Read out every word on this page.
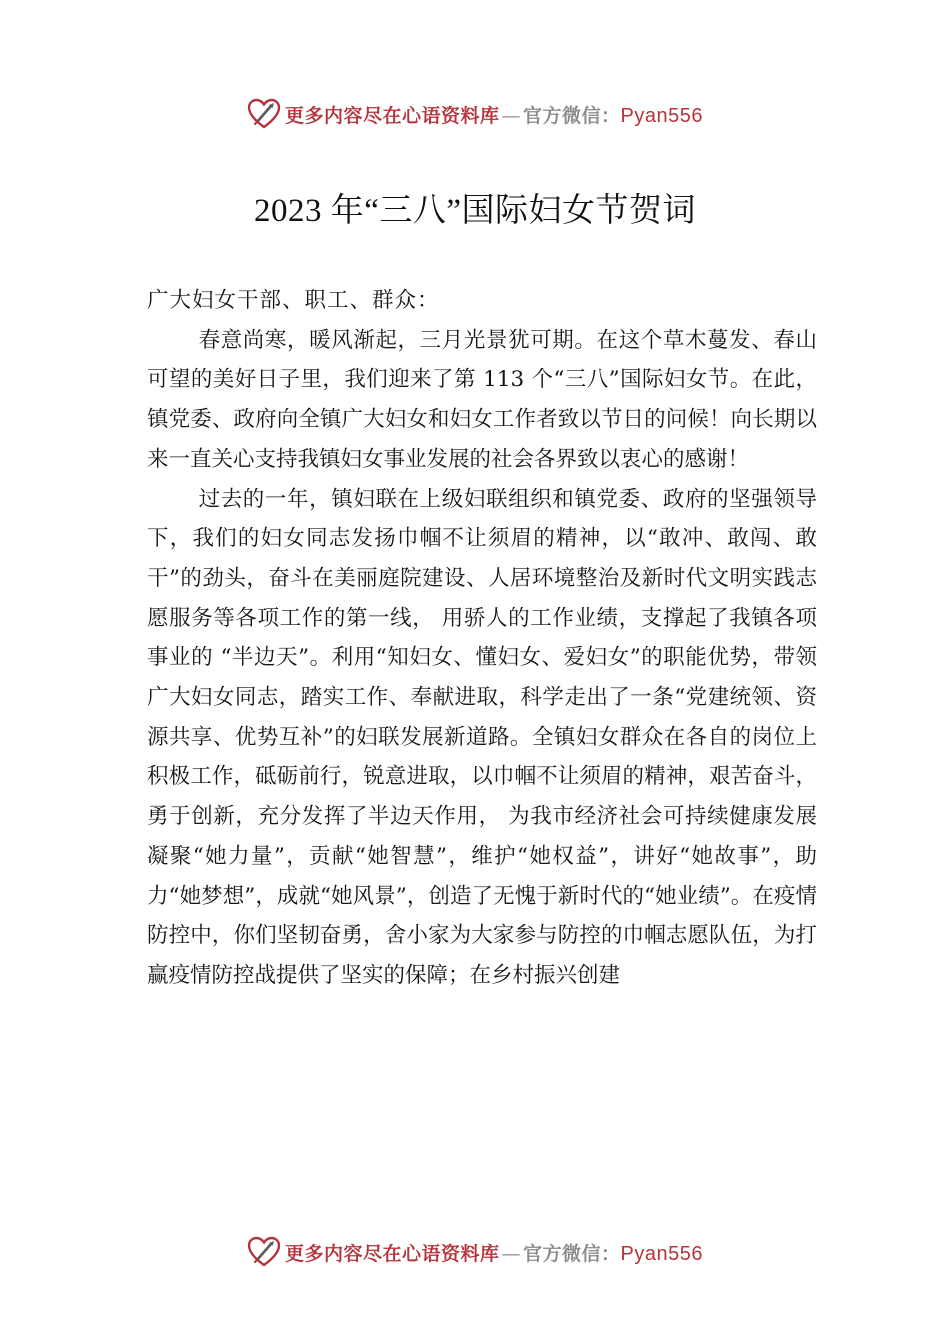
更多内容尽在心语资料库 — 官方微信：Pyan556
2023 年“三八”国际妇女节贺词

广大妇女干部、职工、群众：

春意尚寒，暖风渐起，三月光景犹可期。在这个草木蔓发、春山可望的美好日子里，我们迎来了第 113 个“三八”国际妇女节。在此，镇党委、政府向全镇广大妇女和妇女工作者致以节日的问候！向长期以来一直关心支持我镇妇女事业发展的社会各界致以衷心的感谢！

过去的一年，镇妇联在上级妇联组织和镇党委、政府的坚强领导下，我们的妇女同志发扬巾帼不让须眉的精神，以“敢冲、敢闯、敢干”的劲头，奋斗在美丽庭院建设、人居环境整治及新时代文明实践志愿服务等各项工作的第一线， 用骄人的工作业绩，支撑起了我镇各项事业的 “半边天”。利用“知妇女、懂妇女、爱妇女”的职能优势，带领广大妇女同志，踏实工作、奉献进取，科学走出了一条“党建统领、资源共享、优势互补”的妇联发展新道路。全镇妇女群众在各自的岗位上积极工作，砥砺前行，锐意进取，以巾帼不让须眉的精神，艰苦奋斗，勇于创新，充分发挥了半边天作用， 为我市经济社会可持续健康发展凝聚“她力量”，贡献“她智慧”，维护“她权益”，讲好“她故事”，助力“她梦想”，成就“她风景”，创造了无愧于新时代的“她业绩”。在疫情防控中，你们坚韧奋勇，舍小家为大家参与防控的巾帼志愿队伍，为打赢疫情防控战提供了坚实的保障；在乡村振兴创建

更多内容尽在心语资料库 — 官方微信：Pyan556
